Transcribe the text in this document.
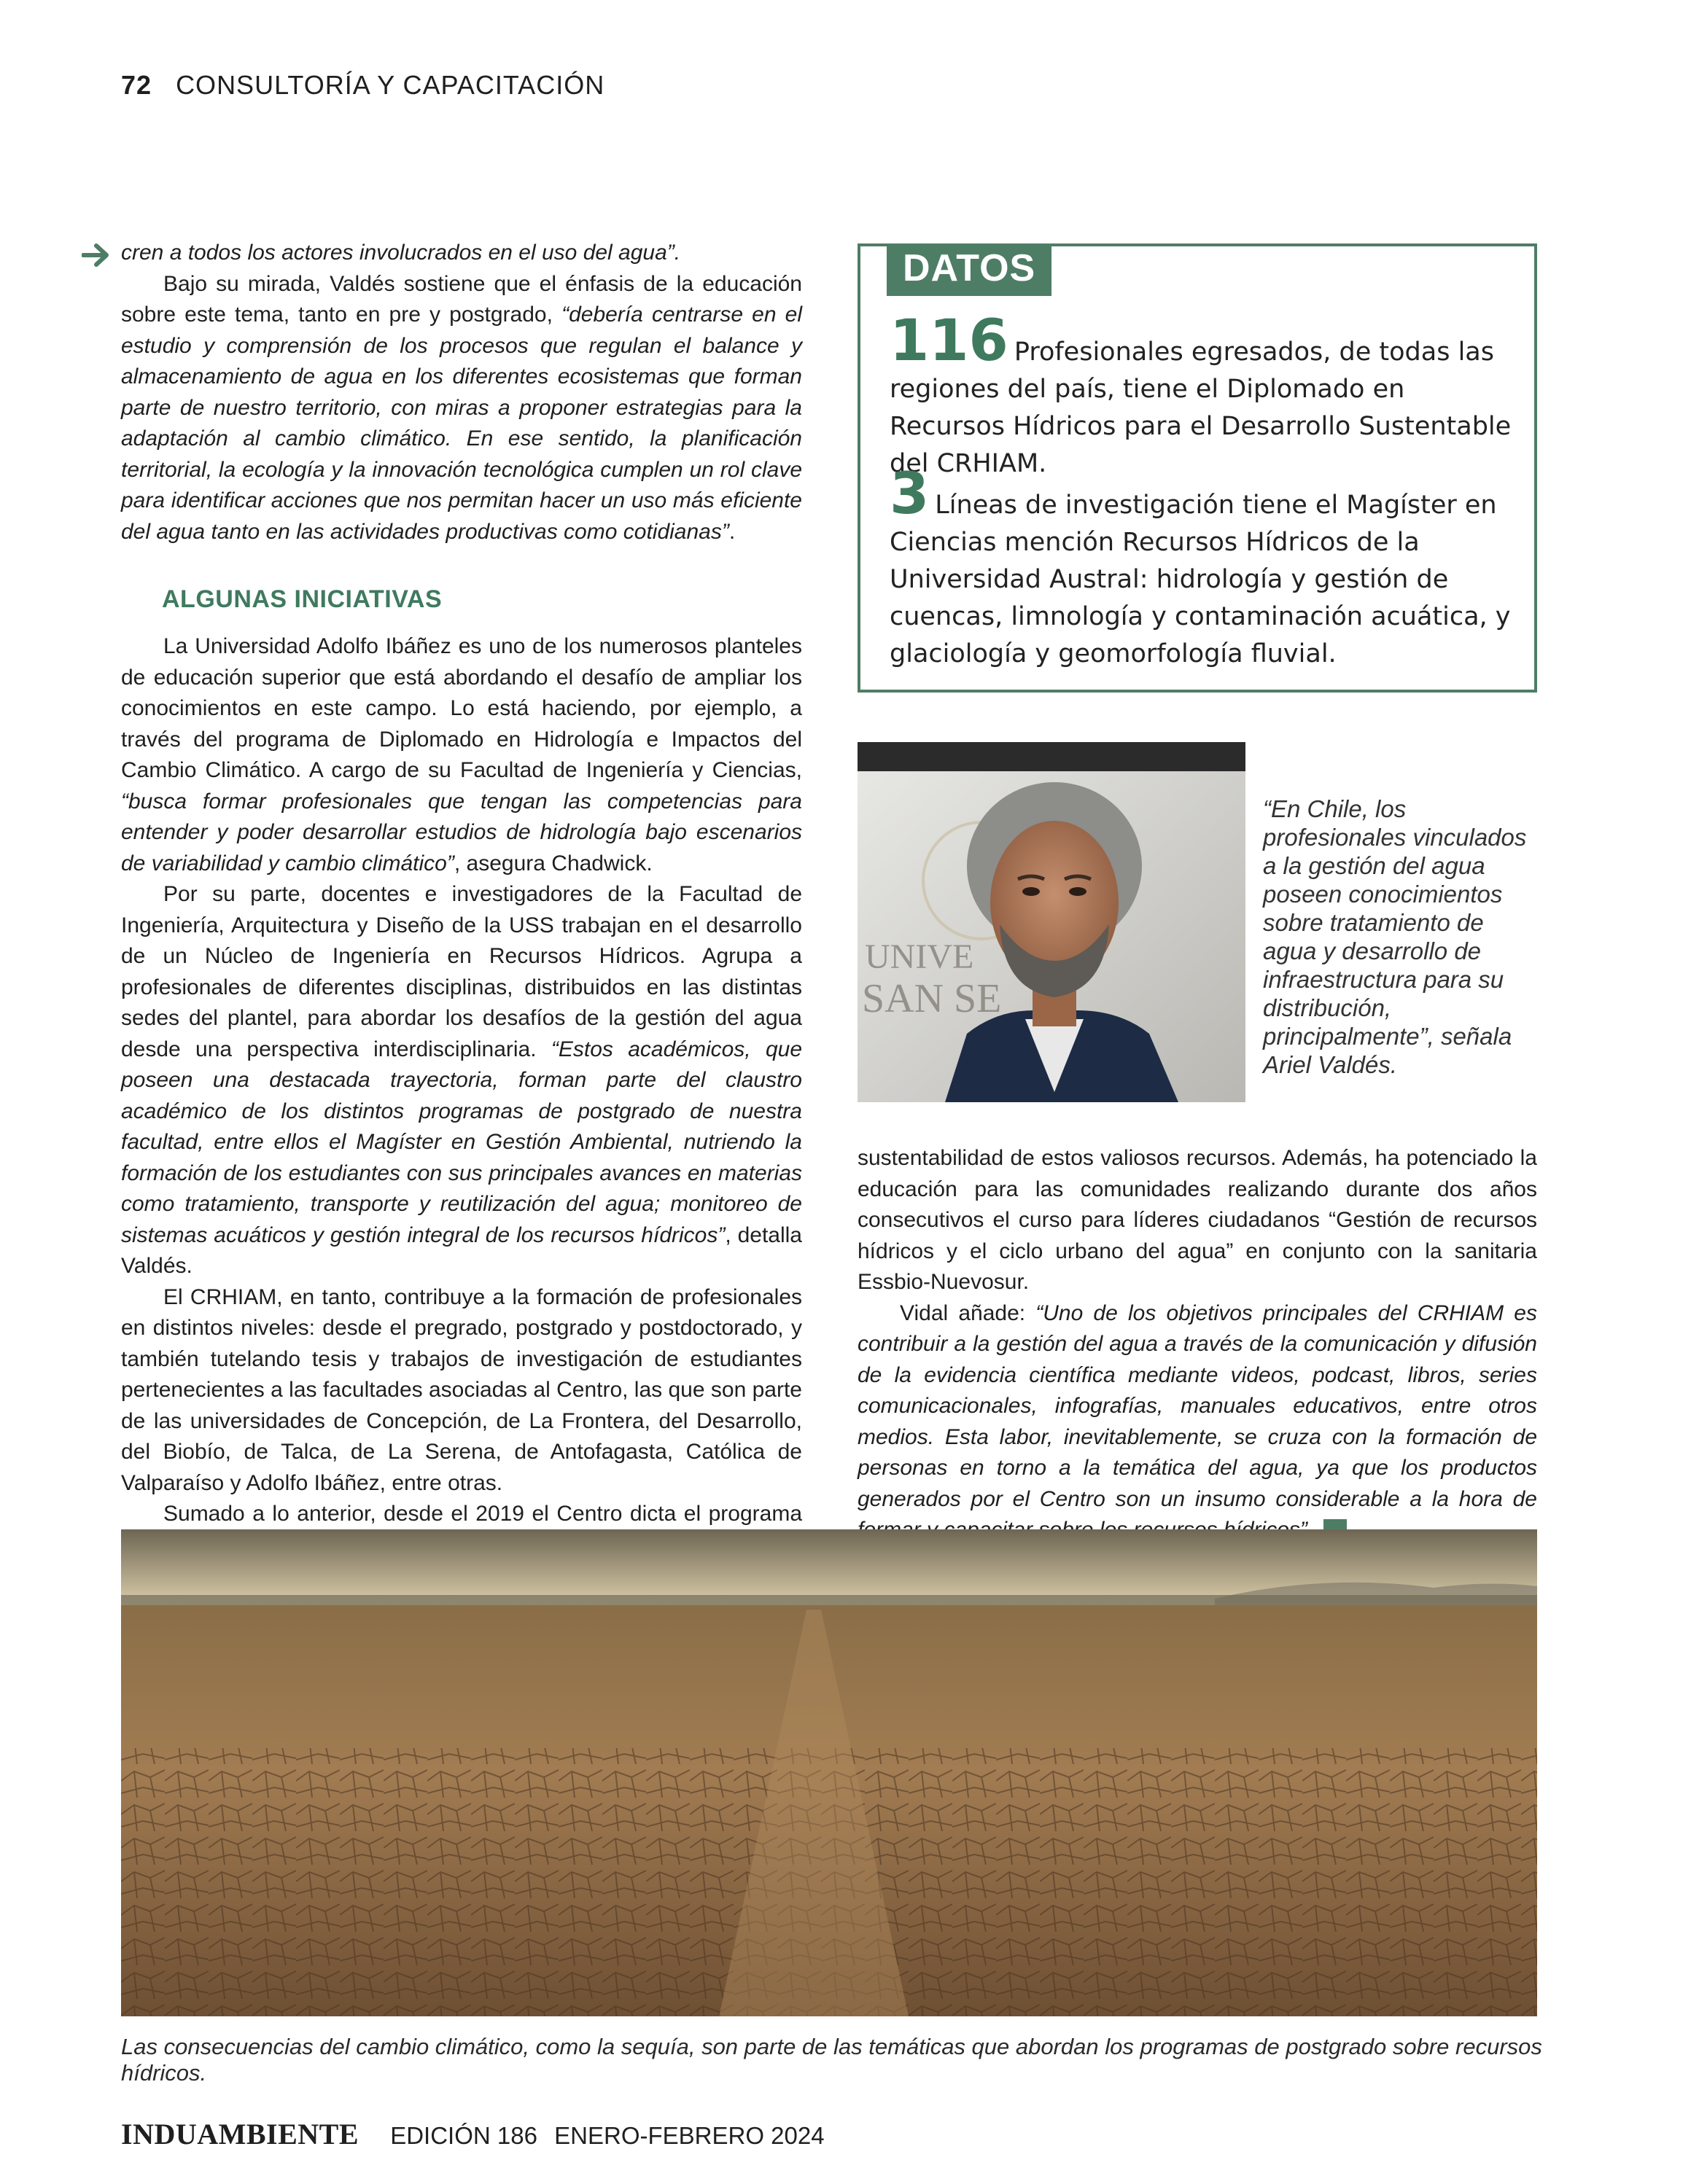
72 CONSULTORÍA Y CAPACITACIÓN

cren a todos los actores involucrados en el uso del agua”.

Bajo su mirada, Valdés sostiene que el énfasis de la educación sobre este tema, tanto en pre y postgrado, “debería centrarse en el estudio y comprensión de los procesos que regulan el balance y almacenamiento de agua en los diferentes ecosistemas que forman parte de nuestro territorio, con miras a proponer estrategias para la adaptación al cambio climático. En ese sentido, la planificación territorial, la ecología y la innovación tecnológica cumplen un rol clave para identificar acciones que nos permitan hacer un uso más eficiente del agua tanto en las actividades productivas como cotidianas”.

ALGUNAS INICIATIVAS

La Universidad Adolfo Ibáñez es uno de los numerosos planteles de educación superior que está abordando el desafío de ampliar los conocimientos en este campo. Lo está haciendo, por ejemplo, a través del programa de Diplomado en Hidrología e Impactos del Cambio Climático. A cargo de su Facultad de Ingeniería y Ciencias, “busca formar profesionales que tengan las competencias para entender y poder desarrollar estudios de hidrología bajo escenarios de variabilidad y cambio climático”, asegura Chadwick.

Por su parte, docentes e investigadores de la Facultad de Ingeniería, Arquitectura y Diseño de la USS trabajan en el desarrollo de un Núcleo de Ingeniería en Recursos Hídricos. Agrupa a profesionales de diferentes disciplinas, distribuidos en las distintas sedes del plantel, para abordar los desafíos de la gestión del agua desde una perspectiva interdisciplinaria. “Estos académicos, que poseen una destacada trayectoria, forman parte del claustro académico de los distintos programas de postgrado de nuestra facultad, entre ellos el Magíster en Gestión Ambiental, nutriendo la formación de los estudiantes con sus principales avances en materias como tratamiento, transporte y reutilización del agua; monitoreo de sistemas acuáticos y gestión integral de los recursos hídricos”, detalla Valdés.

El CRHIAM, en tanto, contribuye a la formación de profesionales en distintos niveles: desde el pregrado, postgrado y postdoctorado, y también tutelando tesis y trabajos de investigación de estudiantes pertenecientes a las facultades asociadas al Centro, las que son parte de las universidades de Concepción, de La Frontera, del Desarrollo, del Biobío, de Talca, de La Serena, de Antofagasta, Católica de Valparaíso y Adolfo Ibáñez, entre otras.

Sumado a lo anterior, desde el 2019 el Centro dicta el programa

DATOS
116 Profesionales egresados, de todas las regiones del país, tiene el Diplomado en Recursos Hídricos para el Desarrollo Sustentable del CRHIAM.
3 Líneas de investigación tiene el Magíster en Ciencias mención Recursos Hídricos de la Universidad Austral: hidrología y gestión de cuencas, limnología y contaminación acuática, y glaciología y geomorfología fluvial.
UNIVE
SAN SE
“En Chile, los profesionales vinculados a la gestión del agua poseen conocimientos sobre tratamiento de agua y desarrollo de infraestructura para su distribución, principalmente”, señala Ariel Valdés.

sustentabilidad de estos valiosos recursos. Además, ha potenciado la educación para las comunidades realizando durante dos años consecutivos el curso para líderes ciudadanos “Gestión de recursos hídricos y el ciclo urbano del agua” en conjunto con la sanitaria Essbio-Nuevosur.

Vidal añade: “Uno de los objetivos principales del CRHIAM es contribuir a la gestión del agua a través de la comunicación y difusión de la evidencia científica mediante videos, podcast, libros, series comunicacionales, infografías, manuales educativos, entre otros medios. Esta labor, inevitablemente, se cruza con la formación de personas en torno a la temática del agua, ya que los productos generados por el Centro son un insumo considerable a la hora de

Las consecuencias del cambio climático, como la sequía, son parte de las temáticas que abordan los programas de postgrado sobre recursos hídricos.
INDUAMBIENTE EDICIÓN 186 ENERO-FEBRERO 2024
